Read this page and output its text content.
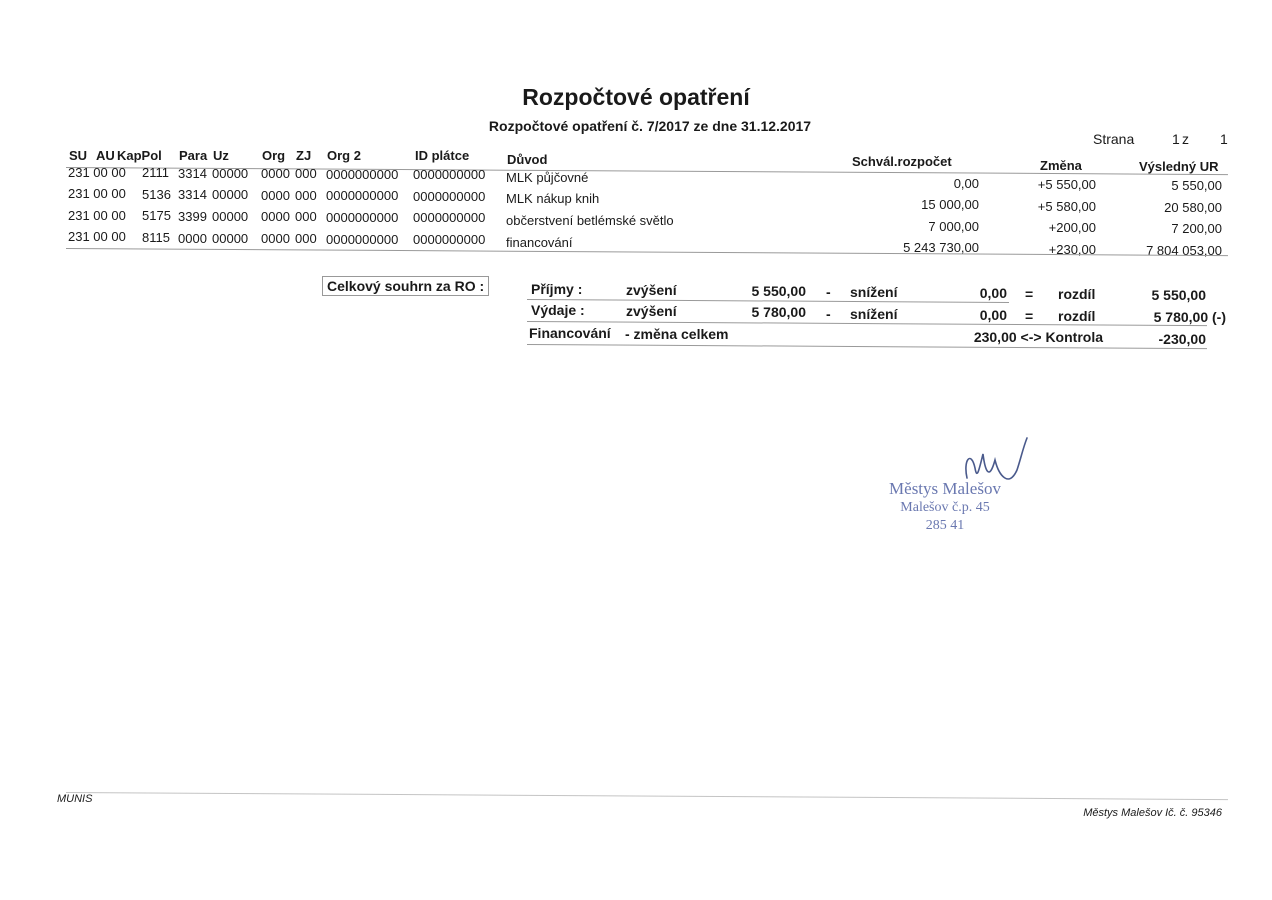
Rozpočtové opatření
Rozpočtové opatření č. 7/2017 ze dne 31.12.2017
Strana	1 z 1
SU AU KapPol Para Uz	Org ZJ Org 2	ID plátce	Důvod	Schvál.rozpočet	Změna	Výsledný UR
231 00 00 2111 3314 00000 0000 000 0000000000 0000000000 MLK půjčovné	0,00	+5 550,00	5 550,00
231 00 00 5136 3314 00000 0000 000 0000000000 0000000000 MLK nákup knih	15 000,00	+5 580,00	20 580,00
231 00 00 5175 3399 00000 0000 000 0000000000 0000000000 občerstvení betlémské světlo	7 000,00	+200,00	7 200,00
231 00 00 8115 0000 00000 0000 000 0000000000 0000000000 financování	5 243 730,00	+230,00	7 804 053,00
Celkový souhrn za RO :	Příjmy :	zvýšení	5 550,00 - snížení	0,00 = rozdíl	5 550,00
Výdaje :	zvýšení	5 780,00 - snížení	0,00 = rozdíl	5 780,00 (-)
Financování - změna celkem	230,00 <-> Kontrola	-230,00
Městys Malešov
Malešov č.p. 45
285 41
MUNIS
Městys Malešov Ič. č. 95346
